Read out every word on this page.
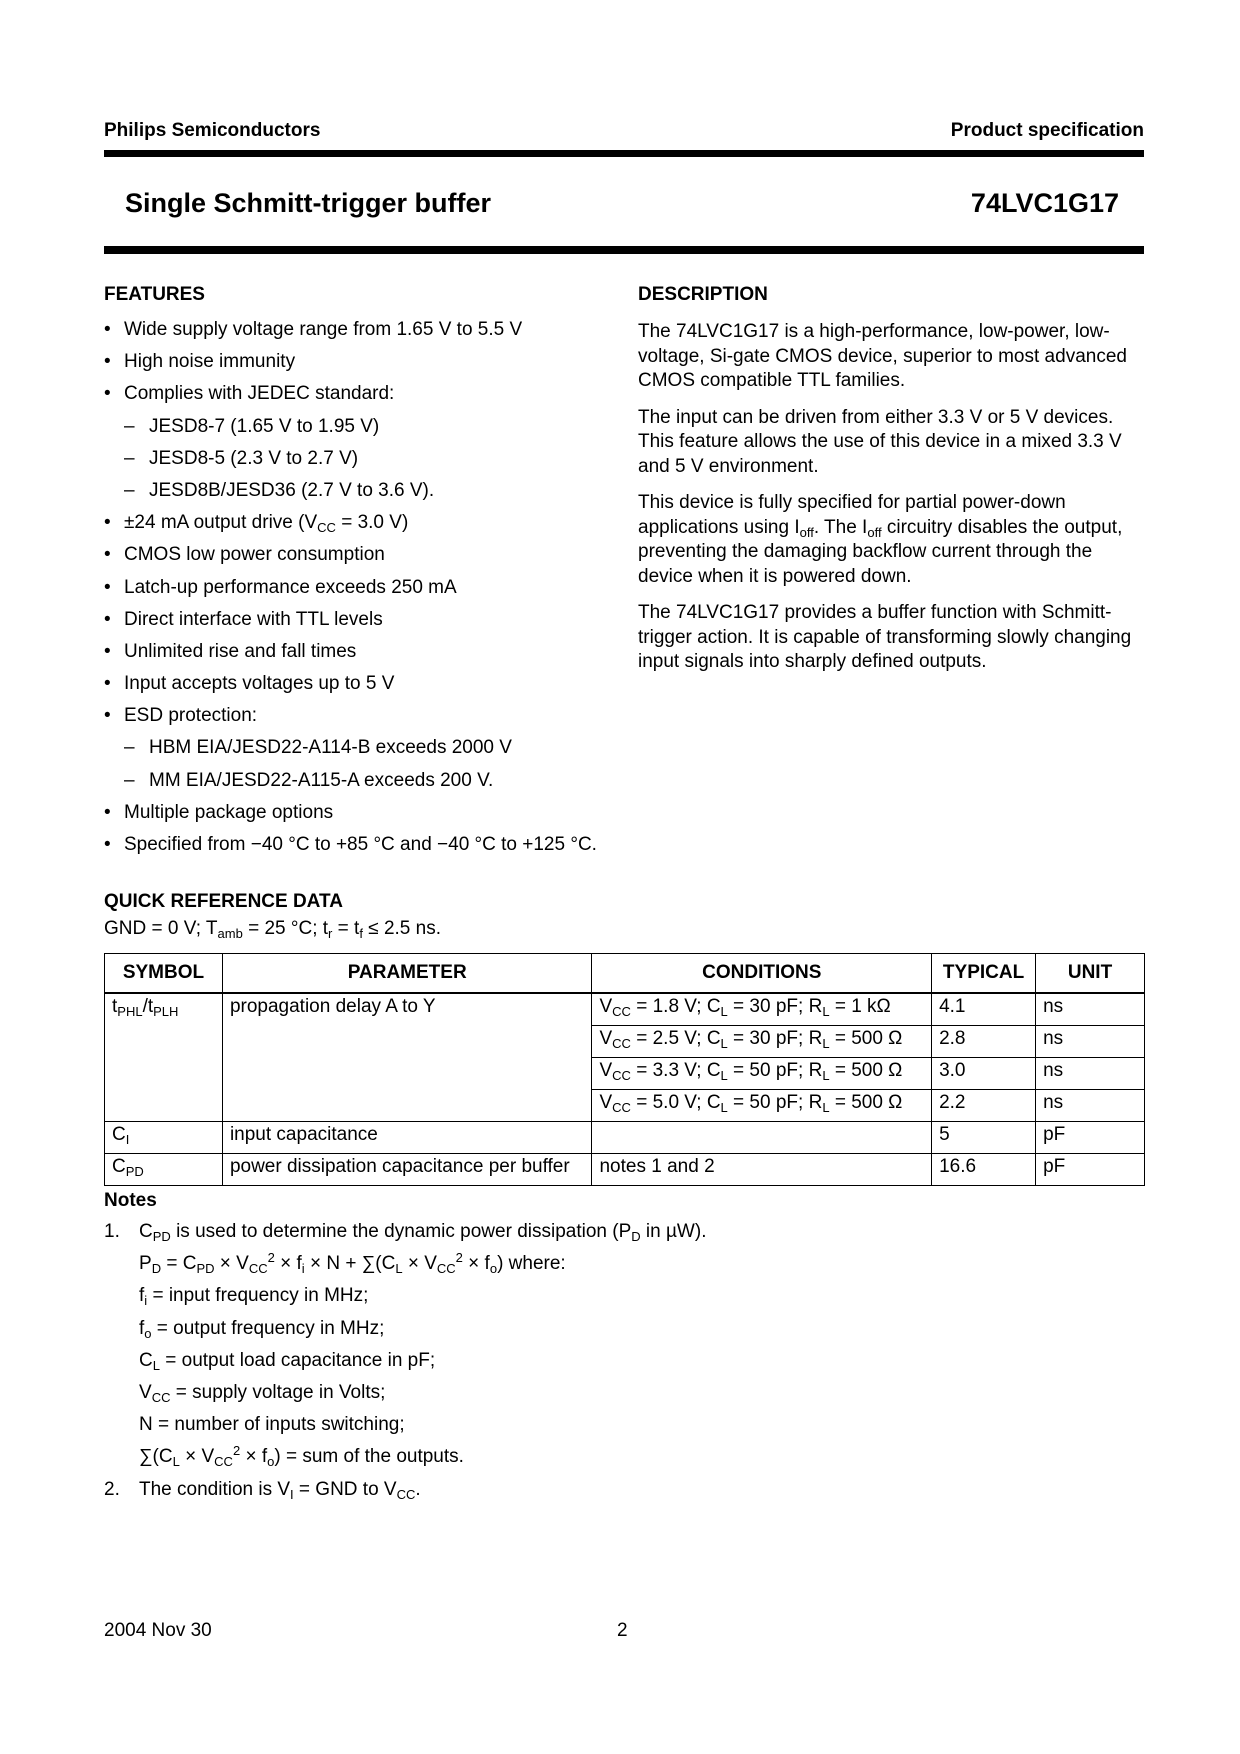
Philips Semiconductors	Product specification
Single Schmitt-trigger buffer	74LVC1G17
FEATURES
• Wide supply voltage range from 1.65 V to 5.5 V
• High noise immunity
• Complies with JEDEC standard:
– JESD8-7 (1.65 V to 1.95 V)
– JESD8-5 (2.3 V to 2.7 V)
– JESD8B/JESD36 (2.7 V to 3.6 V).
• ±24 mA output drive ($V_{CC} = 3.0$ V)
• CMOS low power consumption
• Latch-up performance exceeds 250 mA
• Direct interface with TTL levels
• Unlimited rise and fall times
• Input accepts voltages up to 5 V
• ESD protection:
– HBM EIA/JESD22-A114-B exceeds 2000 V
– MM EIA/JESD22-A115-A exceeds 200 V.
• Multiple package options
• Specified from −40 °C to +85 °C and −40 °C to +125 °C.
DESCRIPTION

The 74LVC1G17 is a high-performance, low-power, low-voltage, Si-gate CMOS device, superior to most advanced CMOS compatible TTL families.

The input can be driven from either 3.3 V or 5 V devices. This feature allows the use of this device in a mixed 3.3 V and 5 V environment.

This device is fully specified for partial power-down applications using $I_{off}$. The $I_{off}$ circuitry disables the output, preventing the damaging backflow current through the device when it is powered down.

The 74LVC1G17 provides a buffer function with Schmitt-trigger action. It is capable of transforming slowly changing input signals into sharply defined outputs.

QUICK REFERENCE DATA
GND = 0 V; $T_{amb} = 25$ °C; $t_r = t_f \le 2.5$ ns.
SYMBOL	PARAMETER	CONDITIONS	TYPICAL	UNIT
$t_{PHL}/t_{PLH}$	propagation delay A to Y	$V_{CC} = 1.8$ V; $C_L = 30$ pF; $R_L = 1$ kΩ	4.1	ns
		$V_{CC} = 2.5$ V; $C_L = 30$ pF; $R_L = 500$ Ω	2.8	ns
		$V_{CC} = 3.3$ V; $C_L = 50$ pF; $R_L = 500$ Ω	3.0	ns
		$V_{CC} = 5.0$ V; $C_L = 50$ pF; $R_L = 500$ Ω	2.2	ns
$C_I$	input capacitance		5	pF
$C_{PD}$	power dissipation capacitance per buffer	notes 1 and 2	16.6	pF
Notes
1.	$C_{PD}$ is used to determine the dynamic power dissipation ($P_D$ in µW).
$P_D = C_{PD} \times V_{CC}^2 \times f_i \times N + \sum(C_L \times V_{CC}^2 \times f_o)$ where:
$f_i$ = input frequency in MHz;
$f_o$ = output frequency in MHz;
$C_L$ = output load capacitance in pF;
$V_{CC}$ = supply voltage in Volts;
N = number of inputs switching;
$\sum(C_L \times V_{CC}^2 \times f_o)$ = sum of the outputs.
2.	The condition is $V_I$ = GND to $V_{CC}$.
2004 Nov 30	2
